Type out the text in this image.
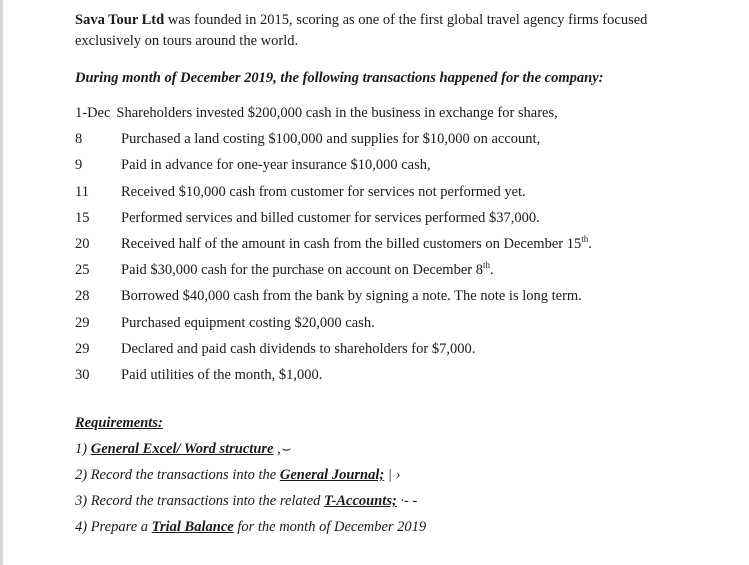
Sava Tour Ltd was founded in 2015, scoring as one of the first global travel agency firms focused exclusively on tours around the world.

During month of December 2019, the following transactions happened for the company:
1-Dec Shareholders invested $200,000 cash in the business in exchange for shares,
8	Purchased a land costing $100,000 and supplies for $10,000 on account,
9	Paid in advance for one-year insurance $10,000 cash,
11	Received $10,000 cash from customer for services not performed yet.
15	Performed services and billed customer for services performed $37,000.
20	Received half of the amount in cash from the billed customers on December 15th.
25	Paid $30,000 cash for the purchase on account on December 8th.
28	Borrowed $40,000 cash from the bank by signing a note. The note is long term.
29	Purchased equipment costing $20,000 cash.
29	Declared and paid cash dividends to shareholders for $7,000.
30	Paid utilities of the month, $1,000.
Requirements:
1) General Excel/ Word structure ,⌣
2) Record the transactions into the General Journal; | ›
3) Record the transactions into the related T-Accounts; ·- -
4) Prepare a Trial Balance for the month of December 2019
